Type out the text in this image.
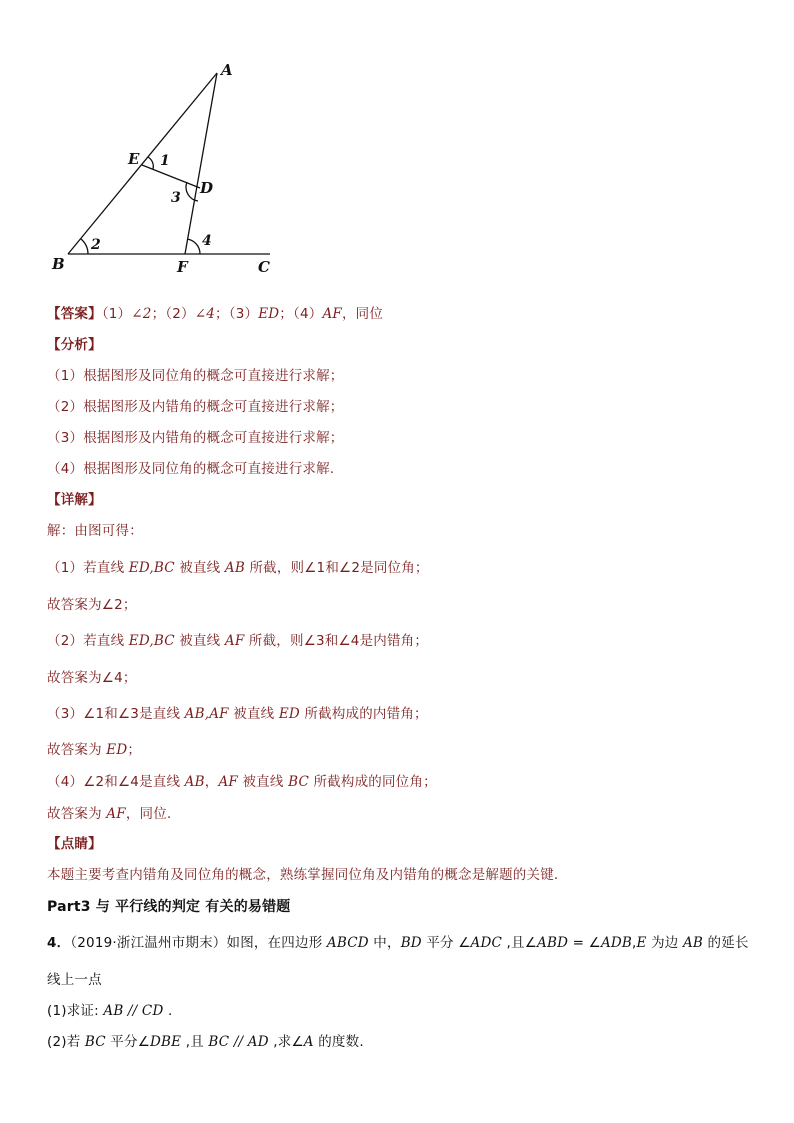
A
E
D
B	F	C
1
2
3
4
【答案】（1）∠2；（2）∠4；（3）ED；（4）AF，同位
【分析】
（1）根据图形及同位角的概念可直接进行求解；
（2）根据图形及内错角的概念可直接进行求解；
（3）根据图形及内错角的概念可直接进行求解；
（4）根据图形及同位角的概念可直接进行求解.
【详解】
解：由图可得：
（1）若直线 ED,BC 被直线 AB 所截，则∠1和∠2是同位角；
故答案为∠2；
（2）若直线 ED,BC 被直线 AF 所截，则∠3和∠4是内错角；
故答案为∠4；
（3）∠1和∠3是直线 AB,AF 被直线 ED 所截构成的内错角；
故答案为 ED；
（4）∠2和∠4是直线 AB，AF 被直线 BC 所截构成的同位角；
故答案为 AF，同位.
【点睛】
本题主要考查内错角及同位角的概念，熟练掌握同位角及内错角的概念是解题的关键.
Part3 与 平行线的判定 有关的易错题
4．（2019·浙江温州市期末）如图，在四边形 ABCD 中，BD 平分 ∠ADC ,且∠ABD = ∠ADB,E 为边 AB 的延长
线上一点
(1)求证: AB // CD .
(2)若 BC 平分∠DBE ,且 BC // AD ,求∠A 的度数.
